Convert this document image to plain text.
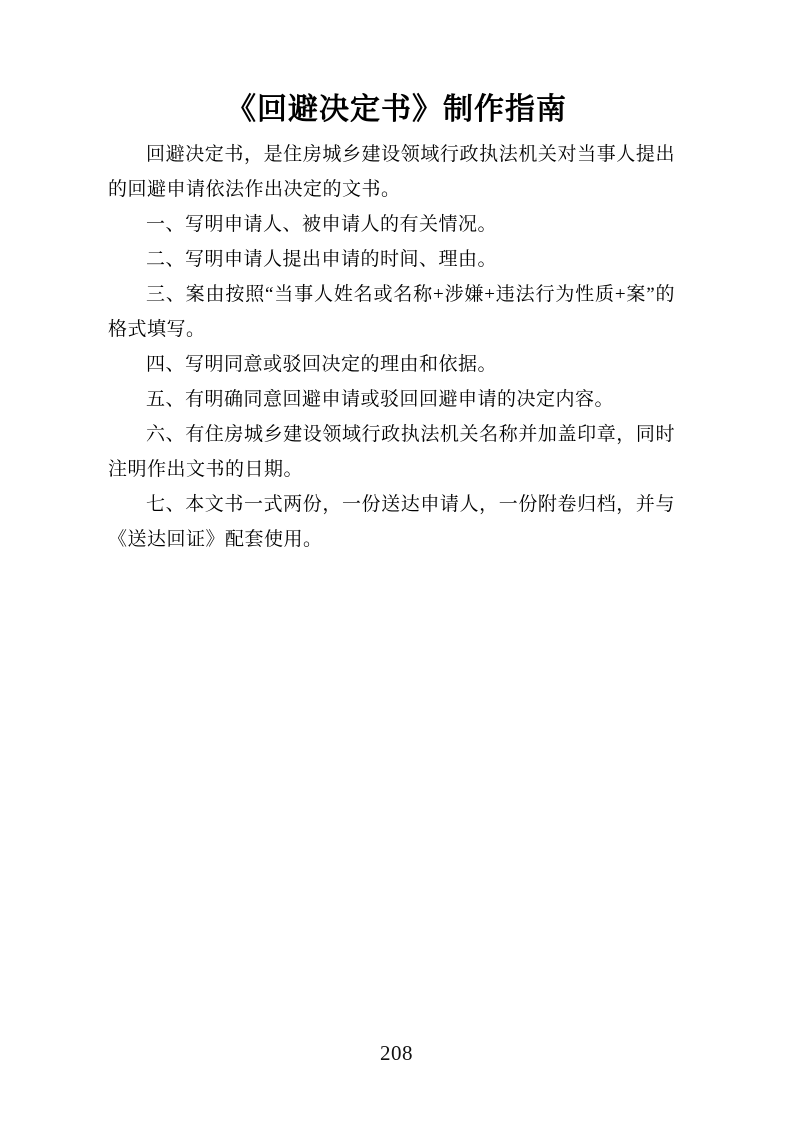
《回避决定书》制作指南

回避决定书，是住房城乡建设领域行政执法机关对当事人提出的回避申请依法作出决定的文书。

一、写明申请人、被申请人的有关情况。

二、写明申请人提出申请的时间、理由。

三、案由按照“当事人姓名或名称+涉嫌+违法行为性质+案”的格式填写。

四、写明同意或驳回决定的理由和依据。

五、有明确同意回避申请或驳回回避申请的决定内容。

六、有住房城乡建设领域行政执法机关名称并加盖印章，同时注明作出文书的日期。

七、本文书一式两份，一份送达申请人，一份附卷归档，并与《送达回证》配套使用。

208
